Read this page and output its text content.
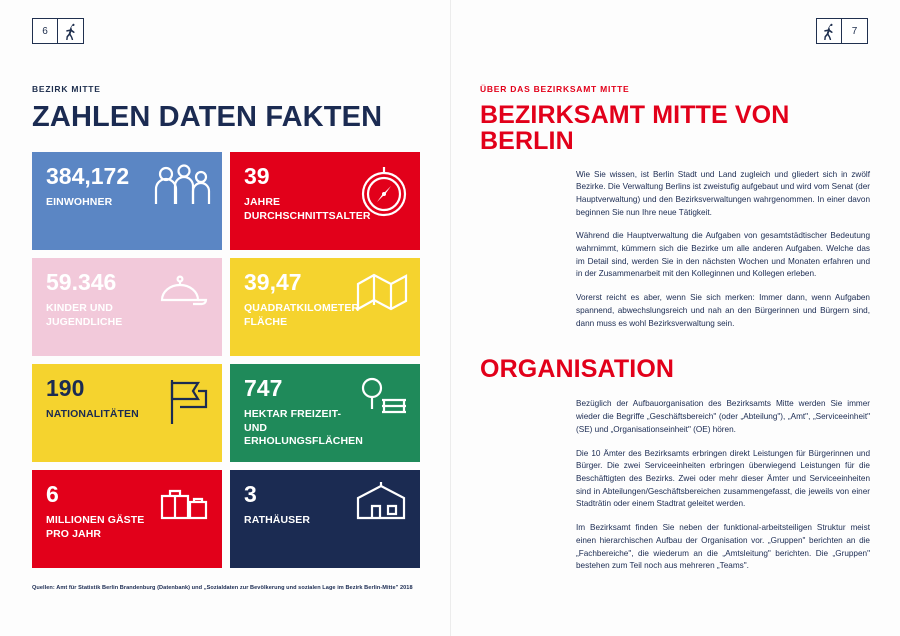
6	7
BEZIRK MITTE
ZAHLEN DATEN FAKTEN
384,172
EINWOHNER
39
JAHRE DURCHSCHNITTSALTER
59.346
KINDER UND JUGENDLICHE
39,47
QUADRATKILOMETER FLÄCHE
190
NATIONALITÄTEN
747
HEKTAR FREIZEIT- UND ERHOLUNGSFLÄCHEN
6
MILLIONEN GÄSTE PRO JAHR
3
RATHÄUSER
Quellen: Amt für Statistik Berlin Brandenburg (Datenbank) und „Sozialdaten zur Bevölkerung und sozialen Lage im Bezirk Berlin-Mitte" 2018
ÜBER DAS BEZIRKSAMT MITTE
BEZIRKSAMT MITTE VON BERLIN

Wie Sie wissen, ist Berlin Stadt und Land zugleich und gliedert sich in zwölf Bezirke. Die Verwaltung Berlins ist zweistufig aufgebaut und wird vom Senat (der Hauptverwaltung) und den Bezirksverwaltungen wahrgenommen. In einer davon beginnen Sie nun Ihre neue Tätigkeit.

Während die Hauptverwaltung die Aufgaben von gesamtstädtischer Bedeutung wahrnimmt, kümmern sich die Bezirke um alle anderen Aufgaben. Welche das im Detail sind, werden Sie in den nächsten Wochen und Monaten erfahren und in der Zusammenarbeit mit den Kolleginnen und Kollegen erleben.

Vorerst reicht es aber, wenn Sie sich merken: Immer dann, wenn Aufgaben spannend, abwechslungsreich und nah an den Bürgerinnen und Bürgern sind, dann muss es wohl Bezirksverwaltung sein.

ORGANISATION

Bezüglich der Aufbauorganisation des Bezirksamts Mitte werden Sie immer wieder die Begriffe „Geschäftsbereich" (oder „Abteilung"), „Amt", „Serviceeinheit" (SE) und „Organisationseinheit" (OE) hören.

Die 10 Ämter des Bezirksamts erbringen direkt Leistungen für Bürgerinnen und Bürger. Die zwei Serviceeinheiten erbringen überwiegend Leistungen für die Beschäftigten des Bezirks. Zwei oder mehr dieser Ämter und Serviceeinheiten sind in Abteilungen/Geschäftsbereichen zusammengefasst, die jeweils von einer Stadträtin oder einem Stadtrat geleitet werden.

Im Bezirksamt finden Sie neben der funktional-arbeitsteiligen Struktur meist einen hierarchischen Aufbau der Organisation vor. „Gruppen" berichten an die „Fachbereiche", die wiederum an die „Amtsleitung" berichten. Die „Gruppen" bestehen zum Teil noch aus mehreren „Teams".
